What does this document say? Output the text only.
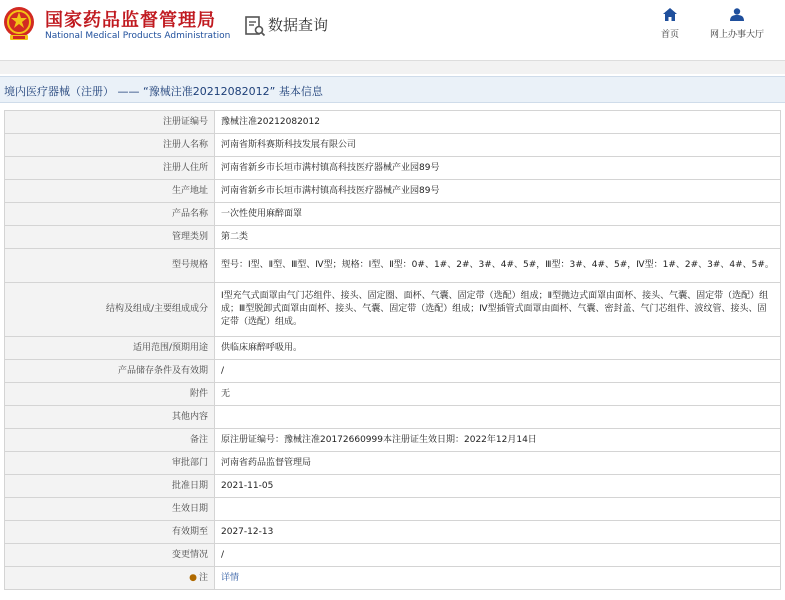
国家药品监督管理局
National Medical Products Administration
数据查询
首页	网上办事大厅
境内医疗器械（注册） —— “豫械注准20212082012” 基本信息
注册证编号	豫械注准20212082012
注册人名称	河南省斯科赛斯科技发展有限公司
注册人住所	河南省新乡市长垣市满村镇高科技医疗器械产业园89号
生产地址	河南省新乡市长垣市满村镇高科技医疗器械产业园89号
产品名称	一次性使用麻醉面罩
管理类别	第二类
型号规格	型号：Ⅰ型、Ⅱ型、Ⅲ型、Ⅳ型；规格：Ⅰ型、Ⅱ型：0#、1#、2#、3#、4#、5#，Ⅲ型：3#、4#、5#，Ⅳ型：1#、2#、3#、4#、5#。
结构及组成/主要组成成分	Ⅰ型充气式面罩由气门芯组件、接头、固定圈、面杯、气囊、固定带（选配）组成；Ⅱ型拋边式面罩由面杯、接头、气囊、固定带（选配）组成；Ⅲ型脱卸式面罩由面杯、接头、气囊、固定带（选配）组成；Ⅳ型插管式面罩由面杯、气囊、密封盖、气门芯组件、波纹管、接头、固定带（选配）组成。
适用范围/预期用途	供临床麻醉呼吸用。
产品储存条件及有效期	/
附件	无
其他内容	
备注	原注册证编号：豫械注准20172660999本注册证生效日期：2022年12月14日
审批部门	河南省药品监督管理局
批准日期	2021-11-05
生效日期	
有效期至	2027-12-13
变更情况	/
● 注	详情
